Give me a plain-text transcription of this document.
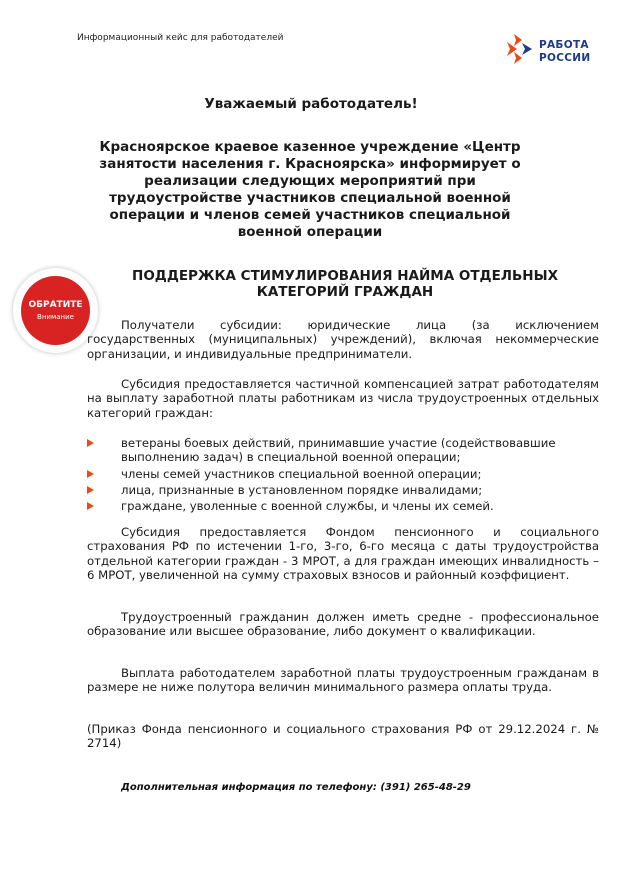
Информационный кейс для работодателей
РАБОТА
РОССИИ
Уважаемый работодатель!
Красноярское краевое казенное учреждение «Центр занятости населения г. Красноярска» информирует о реализации следующих мероприятий при трудоустройстве участников специальной военной операции и членов семей участников специальной военной операции
ОБРАТИТЕ
Внимание
ПОДДЕРЖКА СТИМУЛИРОВАНИЯ НАЙМА ОТДЕЛЬНЫХ КАТЕГОРИЙ ГРАЖДАН
Получатели субсидии: юридические лица (за исключением государственных (муниципальных) учреждений), включая некоммерческие организации, и индивидуальные предприниматели.
Субсидия предоставляется частичной компенсацией затрат работодателям на выплату заработной платы работникам из числа трудоустроенных отдельных категорий граждан:
ветераны боевых действий, принимавшие участие (содействовавшие выполнению задач) в специальной военной операции;
члены семей участников специальной военной операции;
лица, признанные в установленном порядке инвалидами;
граждане, уволенные с военной службы, и члены их семей.
Субсидия предоставляется Фондом пенсионного и социального страхования РФ по истечении 1-го, 3-го, 6-го месяца с даты трудоустройства отдельной категории граждан - 3 МРОТ, а для граждан имеющих инвалидность – 6 МРОТ, увеличенной на сумму страховых взносов и районный коэффициент.
Трудоустроенный гражданин должен иметь средне - профессиональное образование или высшее образование, либо документ о квалификации.
Выплата работодателем заработной платы трудоустроенным гражданам в размере не ниже полутора величин минимального размера оплаты труда.
(Приказ Фонда пенсионного и социального страхования РФ от 29.12.2024 г. № 2714)
Дополнительная информация по телефону: (391) 265-48-29
